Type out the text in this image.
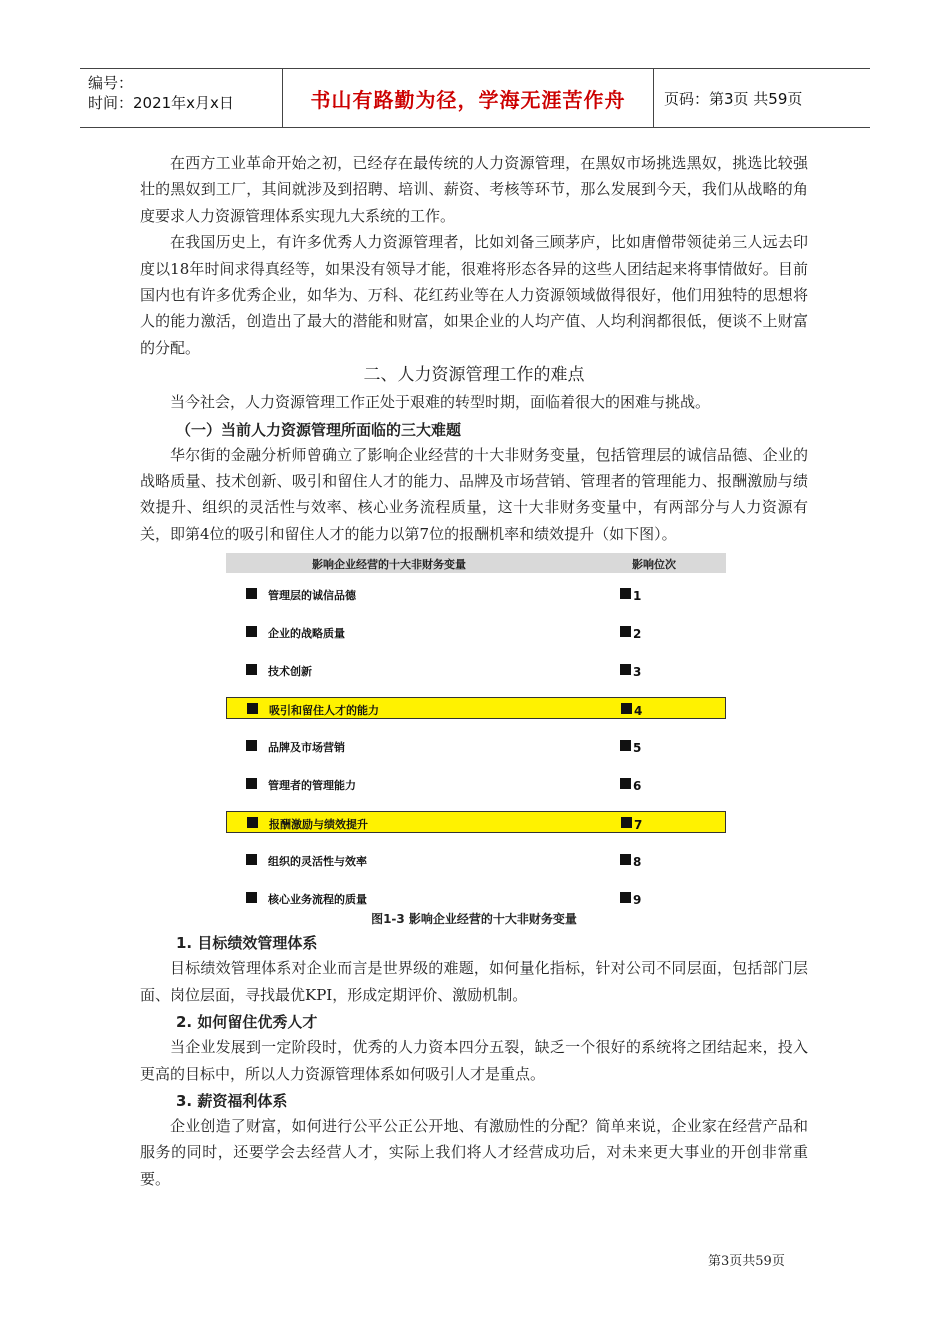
编号：
时间：2021年x月x日	书山有路勤为径，学海无涯苦作舟	页码：第3页 共59页

在西方工业革命开始之初，已经存在最传统的人力资源管理，在黑奴市场挑选黑奴，挑选比较强壮的黑奴到工厂，其间就涉及到招聘、培训、薪资、考核等环节，那么发展到今天，我们从战略的角度要求人力资源管理体系实现九大系统的工作。

在我国历史上，有许多优秀人力资源管理者，比如刘备三顾茅庐，比如唐僧带领徒弟三人远去印度以18年时间求得真经等，如果没有领导才能，很难将形态各异的这些人团结起来将事情做好。目前国内也有许多优秀企业，如华为、万科、花红药业等在人力资源领域做得很好，他们用独特的思想将人的能力激活，创造出了最大的潜能和财富，如果企业的人均产值、人均利润都很低，便谈不上财富的分配。

二、人力资源管理工作的难点

当今社会，人力资源管理工作正处于艰难的转型时期，面临着很大的困难与挑战。

（一）当前人力资源管理所面临的三大难题

华尔街的金融分析师曾确立了影响企业经营的十大非财务变量，包括管理层的诚信品德、企业的战略质量、技术创新、吸引和留住人才的能力、品牌及市场营销、管理者的管理能力、报酬激励与绩效提升、组织的灵活性与效率、核心业务流程质量，这十大非财务变量中，有两部分与人力资源有关，即第4位的吸引和留住人才的能力以第7位的报酬机率和绩效提升（如下图）。

影响企业经营的十大非财务变量	影响位次
管理层的诚信品德	1
企业的战略质量	2
技术创新	3
吸引和留住人才的能力	4
品牌及市场营销	5
管理者的管理能力	6
报酬激励与绩效提升	7
组织的灵活性与效率	8
核心业务流程的质量	9

图1-3 影响企业经营的十大非财务变量

1. 目标绩效管理体系

目标绩效管理体系对企业而言是世界级的难题，如何量化指标，针对公司不同层面，包括部门层面、岗位层面，寻找最优KPI，形成定期评价、激励机制。

2. 如何留住优秀人才

当企业发展到一定阶段时，优秀的人力资本四分五裂，缺乏一个很好的系统将之团结起来，投入更高的目标中，所以人力资源管理体系如何吸引人才是重点。

3. 薪资福利体系

企业创造了财富，如何进行公平公正公开地、有激励性的分配？简单来说，企业家在经营产品和服务的同时，还要学会去经营人才，实际上我们将人才经营成功后，对未来更大事业的开创非常重要。

第3页共59页
